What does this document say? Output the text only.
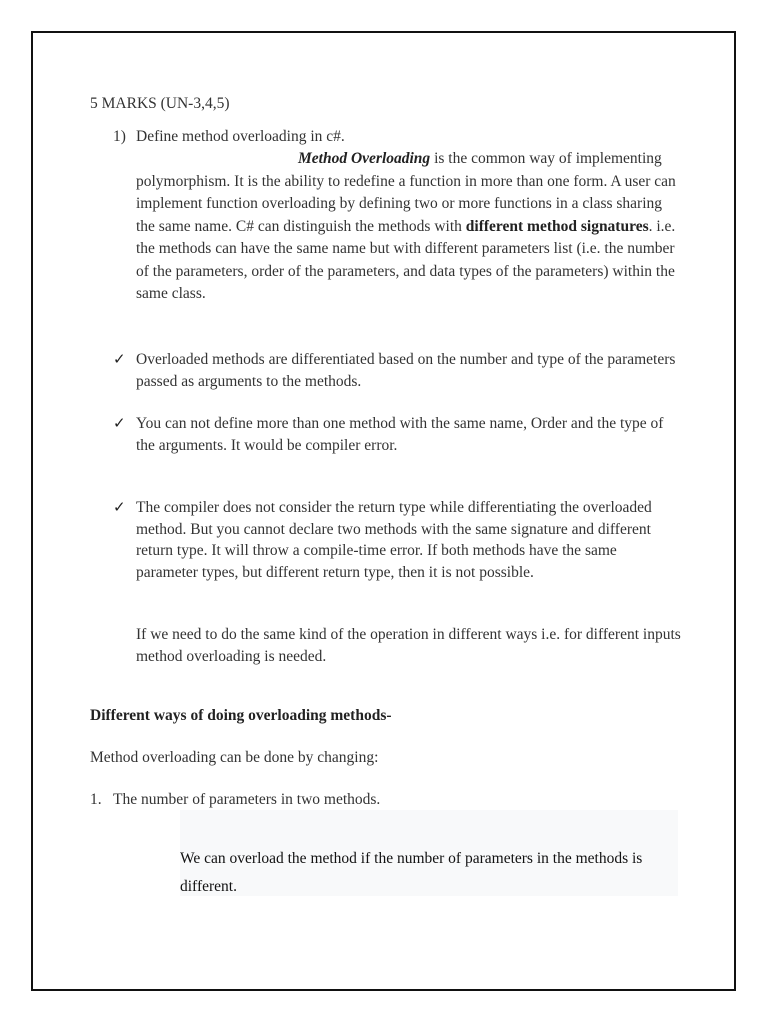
5 MARKS (UN-3,4,5)
1) Define method overloading in c#.
Method Overloading is the common way of implementing polymorphism. It is the ability to redefine a function in more than one form. A user can implement function overloading by defining two or more functions in a class sharing the same name. C# can distinguish the methods with different method signatures. i.e. the methods can have the same name but with different parameters list (i.e. the number of the parameters, order of the parameters, and data types of the parameters) within the same class.
✓ Overloaded methods are differentiated based on the number and type of the parameters passed as arguments to the methods.
✓ You can not define more than one method with the same name, Order and the type of the arguments. It would be compiler error.
✓ The compiler does not consider the return type while differentiating the overloaded method. But you cannot declare two methods with the same signature and different return type. It will throw a compile-time error. If both methods have the same parameter types, but different return type, then it is not possible.
If we need to do the same kind of the operation in different ways i.e. for different inputs method overloading is needed.
Different ways of doing overloading methods-
Method overloading can be done by changing:
1. The number of parameters in two methods.
We can overload the method if the number of parameters in the methods is different.
